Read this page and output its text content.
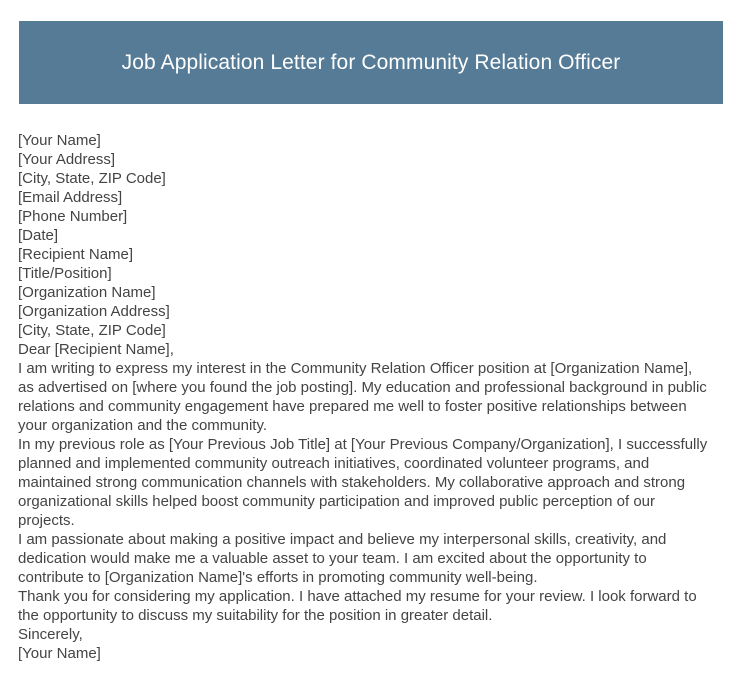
Job Application Letter for Community Relation Officer
[Your Name]
[Your Address]
[City, State, ZIP Code]
[Email Address]
[Phone Number]
[Date]
[Recipient Name]
[Title/Position]
[Organization Name]
[Organization Address]
[City, State, ZIP Code]
Dear [Recipient Name],

I am writing to express my interest in the Community Relation Officer position at [Organization Name], as advertised on [where you found the job posting]. My education and professional background in public relations and community engagement have prepared me well to foster positive relationships between your organization and the community.

In my previous role as [Your Previous Job Title] at [Your Previous Company/Organization], I successfully planned and implemented community outreach initiatives, coordinated volunteer programs, and maintained strong communication channels with stakeholders. My collaborative approach and strong organizational skills helped boost community participation and improved public perception of our projects.

I am passionate about making a positive impact and believe my interpersonal skills, creativity, and dedication would make me a valuable asset to your team. I am excited about the opportunity to contribute to [Organization Name]'s efforts in promoting community well-being.

Thank you for considering my application. I have attached my resume for your review. I look forward to the opportunity to discuss my suitability for the position in greater detail.

Sincerely,
[Your Name]
